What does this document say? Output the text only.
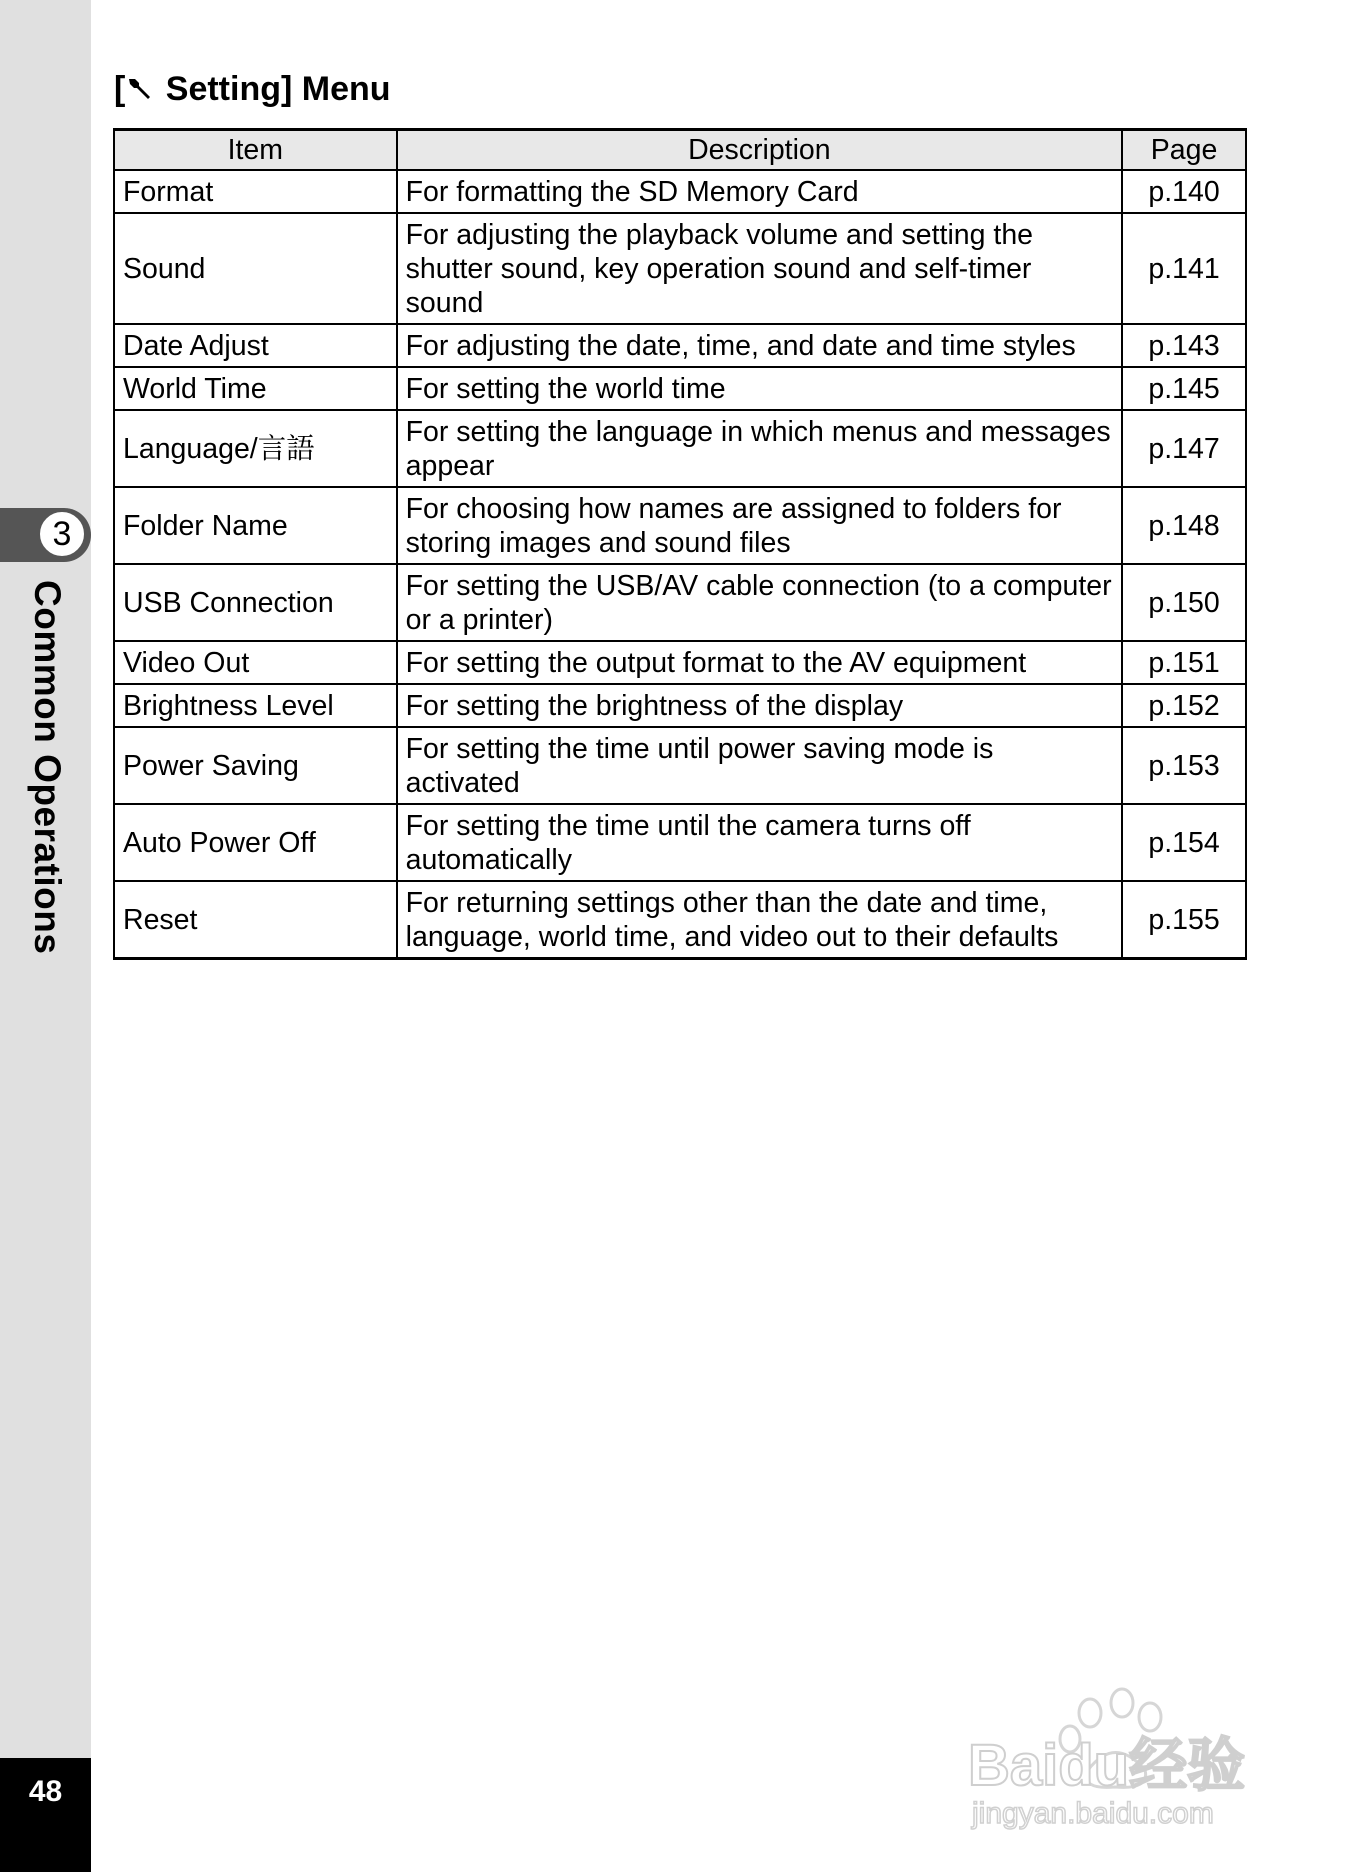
3
Common Operations
48
[ Setting] Menu
Item	Description	Page
Format	For formatting the SD Memory Card	p.140
Sound	For adjusting the playback volume and setting the shutter sound, key operation sound and self-timer sound	p.141
Date Adjust	For adjusting the date, time, and date and time styles	p.143
World Time	For setting the world time	p.145
Language/言語	For setting the language in which menus and messages appear	p.147
Folder Name	For choosing how names are assigned to folders for storing images and sound files	p.148
USB Connection	For setting the USB/AV cable connection (to a computer or a printer)	p.150
Video Out	For setting the output format to the AV equipment	p.151
Brightness Level	For setting the brightness of the display	p.152
Power Saving	For setting the time until power saving mode is activated	p.153
Auto Power Off	For setting the time until the camera turns off automatically	p.154
Reset	For returning settings other than the date and time, language, world time, and video out to their defaults	p.155
Baidu经验
jingyan.baidu.com
